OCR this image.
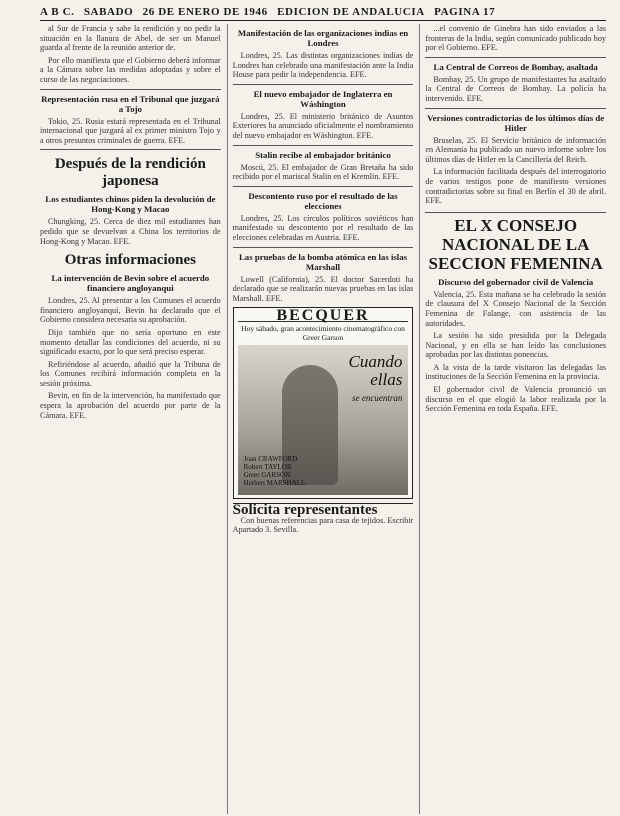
A B C. SABADO 26 DE ENERO DE 1946 EDICION DE ANDALUCIA PAGINA 17

al Sur de Francia y sabe la rendición y no pedir la situación en la llanura de Abel, de ser un Manuel guarda al frente de la reunión anterior de.

Por ello manifiesta que el Gobierno deberá informar a la Cámara sobre las medidas adoptadas y sobre el curso de las negociaciones.

Representación rusa en el Tribunal que juzgará a Tojo

Tokio, 25. Rusia estará representada en el Tribunal internacional que juzgará al ex primer ministro Tojo y a otros presuntos criminales de guerra. EFE.

Después de la rendición japonesa
Los estudiantes chinos piden la devolución de Hong-Kong y Macao

Chungking, 25. Cerca de diez mil estudiantes han pedido que se devuelvan a China los territorios de Hong-Kong y Macao. EFE.

Otras informaciones
La intervención de Bevin sobre el acuerdo financiero angloyanqui

Londres, 25. Al presentar a los Comunes el acuerdo financiero angloyanqui, Bevin ha declarado que el Gobierno considera necesaria su aprobación.

Dijo también que no sería oportuno en este momento detallar las condiciones del acuerdo, ni su significado exacto, por lo que será preciso esperar.

Refiriéndose al acuerdo, añadió que la Tribuna de los Comunes recibirá información completa en la sesión próxima.

Bevin, en fin de la intervención, ha manifestado que espera la aprobación del acuerdo por parte de la Cámara. EFE.

Manifestación de las organizaciones indias en Londres

Londres, 25. Las distintas organizaciones indias de Londres han celebrado una manifestación ante la India House para pedir la independencia. EFE.

El nuevo embajador de Inglaterra en Wáshington

Londres, 25. El ministerio británico de Asuntos Exteriores ha anunciado oficialmente el nombramiento del nuevo embajador en Wáshington. EFE.

Stalin recibe al embajador británico

Moscú, 25. El embajador de Gran Bretaña ha sido recibido por el mariscal Stalin en el Kremlin. EFE.

Descontento ruso por el resultado de las elecciones

Londres, 25. Los círculos políticos soviéticos han manifestado su descontento por el resultado de las elecciones celebradas en Austria. EFE.

Las pruebas de la bomba atómica en las islas Marshall

Lowell (California), 25. El doctor Sacerdoti ha declarado que se realizarán nuevas pruebas en las islas Marshall. EFE.

BECQUER
Hoy sábado, gran acontecimiento cinematográfico con Greer Garson
Cuando
ellas
se encuentran
Joan CRAWFORD
Robert TAYLOR
Greer GARSON
Herbert MARSHALL
Solicita representantes

Con buenas referencias para casa de tejidos. Escribir Apartado 3. Sevilla.

...el convenio de Ginebra han sido enviados a las fronteras de la India, según comunicado publicado hoy por el Gobierno. EFE.

La Central de Correos de Bombay, asaltada

Bombay, 25. Un grupo de manifestantes ha asaltado la Central de Correos de Bombay. La policía ha intervenido. EFE.

Versiones contradictorias de los últimos días de Hitler

Bruselas, 25. El Servicio británico de información en Alemania ha publicado un nuevo informe sobre los últimos días de Hitler en la Cancillería del Reich.

La información facilitada después del interrogatorio de varios testigos pone de manifiesto versiones contradictorias sobre su final en Berlín el 30 de abril. EFE.

EL X CONSEJO NACIONAL DE LA SECCION FEMENINA
Discurso del gobernador civil de Valencia

Valencia, 25. Esta mañana se ha celebrado la sesión de clausura del X Consejo Nacional de la Sección Femenina de Falange, con asistencia de las autoridades.

La sesión ha sido presidida por la Delegada Nacional, y en ella se han leído las conclusiones aprobadas por las distintas ponencias.

A la vista de la tarde visitaron las delegadas las instituciones de la Sección Femenina en la provincia.

El gobernador civil de Valencia pronunció un discurso en el que elogió la labor realizada por la Sección Femenina en toda España. EFE.
